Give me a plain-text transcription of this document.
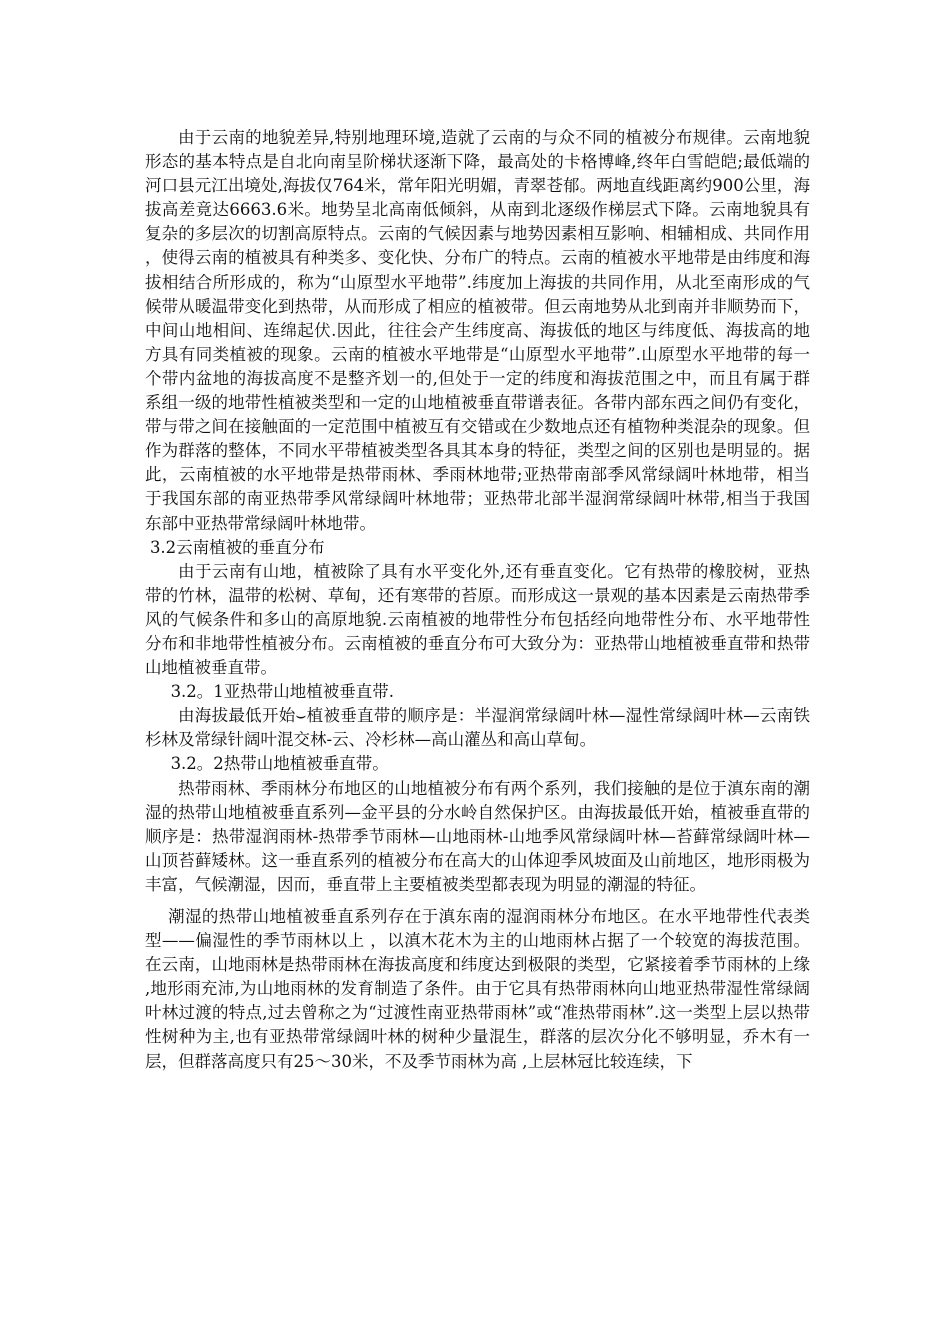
由于云南的地貌差异,特别地理环境,造就了云南的与众不同的植被分布规律。云南地貌形态的基本特点是自北向南呈阶梯状逐渐下降，最高处的卡格博峰,终年白雪皑皑;最低端的河口县元江出境处,海拔仅764米，常年阳光明媚，青翠苍郁。两地直线距离约900公里，海拔高差竟达6663.6米。地势呈北高南低倾斜，从南到北逐级作梯层式下降。云南地貌具有复杂的多层次的切割高原特点。云南的气候因素与地势因素相互影响、相辅相成、共同作用，使得云南的植被具有种类多、变化快、分布广的特点。云南的植被水平地带是由纬度和海拔相结合所形成的，称为“山原型水平地带”.纬度加上海拔的共同作用，从北至南形成的气候带从暖温带变化到热带，从而形成了相应的植被带。但云南地势从北到南并非顺势而下，中间山地相间、连绵起伏.因此，往往会产生纬度高、海拔低的地区与纬度低、海拔高的地方具有同类植被的现象。云南的植被水平地带是“山原型水平地带”.山原型水平地带的每一个带内盆地的海拔高度不是整齐划一的,但处于一定的纬度和海拔范围之中，而且有属于群系组一级的地带性植被类型和一定的山地植被垂直带谱表征。各带内部东西之间仍有变化，带与带之间在接触面的一定范围中植被互有交错或在少数地点还有植物种类混杂的现象。但作为群落的整体，不同水平带植被类型各具其本身的特征，类型之间的区别也是明显的。据此，云南植被的水平地带是热带雨林、季雨林地带;亚热带南部季风常绿阔叶林地带，相当于我国东部的南亚热带季风常绿阔叶林地带；亚热带北部半湿润常绿阔叶林带,相当于我国东部中亚热带常绿阔叶林地带。

3.2云南植被的垂直分布

由于云南有山地，植被除了具有水平变化外,还有垂直变化。它有热带的橡胶树，亚热带的竹林，温带的松树、草甸，还有寒带的苔原。而形成这一景观的基本因素是云南热带季风的气候条件和多山的高原地貌.云南植被的地带性分布包括经向地带性分布、水平地带性分布和非地带性植被分布。云南植被的垂直分布可大致分为：亚热带山地植被垂直带和热带山地植被垂直带。

3.2。1亚热带山地植被垂直带.

由海拔最低开始⌣植被垂直带的顺序是：半湿润常绿阔叶林—湿性常绿阔叶林—云南铁杉林及常绿针阔叶混交林-云、冷杉林—高山灌丛和高山草甸。

3.2。2热带山地植被垂直带。

热带雨林、季雨林分布地区的山地植被分布有两个系列，我们接触的是位于滇东南的潮湿的热带山地植被垂直系列—金平县的分水岭自然保护区。由海拔最低开始，植被垂直带的顺序是：热带湿润雨林-热带季节雨林—山地雨林-山地季风常绿阔叶林—苔藓常绿阔叶林—山顶苔藓矮林。这一垂直系列的植被分布在高大的山体迎季风坡面及山前地区，地形雨极为丰富，气候潮湿，因而，垂直带上主要植被类型都表现为明显的潮湿的特征。

潮湿的热带山地植被垂直系列存在于滇东南的湿润雨林分布地区。在水平地带性代表类型——偏湿性的季节雨林以上 ，以滇木花木为主的山地雨林占据了一个较宽的海拔范围。在云南，山地雨林是热带雨林在海拔高度和纬度达到极限的类型，它紧接着季节雨林的上缘,地形雨充沛,为山地雨林的发育制造了条件。由于它具有热带雨林向山地亚热带湿性常绿阔叶林过渡的特点,过去曾称之为“过渡性南亚热带雨林”或“准热带雨林”.这一类型上层以热带性树种为主,也有亚热带常绿阔叶林的树种少量混生，群落的层次分化不够明显，乔木有一层，但群落高度只有25～30米，不及季节雨林为高 ,上层林冠比较连续，下
